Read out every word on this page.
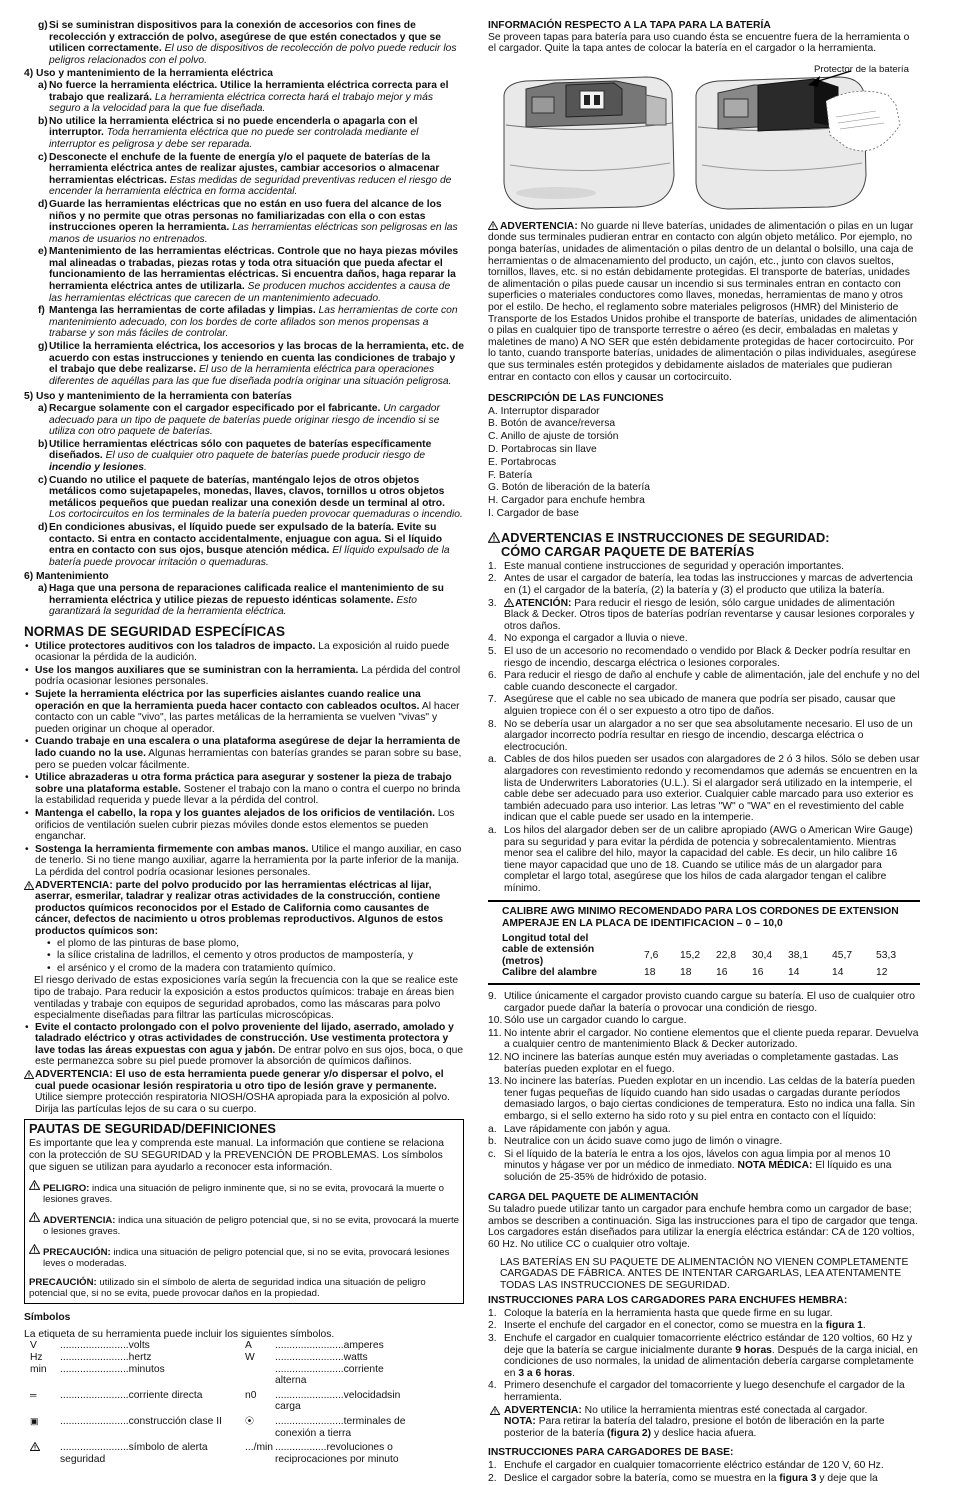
g) Si se suministran dispositivos para la conexión de accesorios con fines de recolección y extracción de polvo, asegúrese de que estén conectados y que se utilicen correctamente. El uso de dispositivos de recolección de polvo puede reducir los peligros relacionados con el polvo.

4) Uso y mantenimiento de la herramienta eléctrica

a) No fuerce la herramienta eléctrica. Utilice la herramienta eléctrica correcta para el trabajo que realizará. La herramienta eléctrica correcta hará el trabajo mejor y más seguro a la velocidad para la que fue diseñada.
b) No utilice la herramienta eléctrica si no puede encenderla o apagarla con el interruptor. Toda herramienta eléctrica que no puede ser controlada mediante el interruptor es peligrosa y debe ser reparada.
c) Desconecte el enchufe de la fuente de energía y/o el paquete de baterías de la herramienta eléctrica antes de realizar ajustes, cambiar accesorios o almacenar herramientas eléctricas. Estas medidas de seguridad preventivas reducen el riesgo de encender la herramienta eléctrica en forma accidental.
d) Guarde las herramientas eléctricas que no están en uso fuera del alcance de los niños y no permite que otras personas no familiarizadas con ella o con estas instrucciones operen la herramienta. Las herramientas eléctricas son peligrosas en las manos de usuarios no entrenados.
e) Mantenimiento de las herramientas eléctricas. Controle que no haya piezas móviles mal alineadas o trabadas, piezas rotas y toda otra situación que pueda afectar el funcionamiento de las herramientas eléctricas. Si encuentra daños, haga reparar la herramienta eléctrica antes de utilizarla. Se producen muchos accidentes a causa de las herramientas eléctricas que carecen de un mantenimiento adecuado.
f) Mantenga las herramientas de corte afiladas y limpias. Las herramientas de corte con mantenimiento adecuado, con los bordes de corte afilados son menos propensas a trabarse y son más fáciles de controlar.
g) Utilice la herramienta eléctrica, los accesorios y las brocas de la herramienta, etc. de acuerdo con estas instrucciones y teniendo en cuenta las condiciones de trabajo y el trabajo que debe realizarse. El uso de la herramienta eléctrica para operaciones diferentes de aquéllas para las que fue diseñada podría originar una situación peligrosa.

5) Uso y mantenimiento de la herramienta con baterías

a) Recargue solamente con el cargador especificado por el fabricante. Un cargador adecuado para un tipo de paquete de baterías puede originar riesgo de incendio si se utiliza con otro paquete de baterías.
b) Utilice herramientas eléctricas sólo con paquetes de baterías específicamente diseñados. El uso de cualquier otro paquete de baterías puede producir riesgo de incendio y lesiones.
c) Cuando no utilice el paquete de baterías, manténgalo lejos de otros objetos metálicos como sujetapapeles, monedas, llaves, clavos, tornillos u otros objetos metálicos pequeños que puedan realizar una conexión desde un terminal al otro. Los cortocircuitos en los terminales de la batería pueden provocar quemaduras o incendio.
d) En condiciones abusivas, el líquido puede ser expulsado de la batería. Evite su contacto. Si entra en contacto accidentalmente, enjuague con agua. Si el líquido entra en contacto con sus ojos, busque atención médica. El líquido expulsado de la batería puede provocar irritación o quemaduras.

6) Mantenimiento

a) Haga que una persona de reparaciones calificada realice el mantenimiento de su herramienta eléctrica y utilice piezas de repuesto idénticas solamente. Esto garantizará la seguridad de la herramienta eléctrica.
NORMAS DE SEGURIDAD ESPECÍFICAS
• Utilice protectores auditivos con los taladros de impacto. La exposición al ruido puede ocasionar la pérdida de la audición.
• Use los mangos auxiliares que se suministran con la herramienta. La pérdida del control podría ocasionar lesiones personales.
• Sujete la herramienta eléctrica por las superficies aislantes cuando realice una operación en que la herramienta pueda hacer contacto con cableados ocultos. Al hacer contacto con un cable "vivo", las partes metálicas de la herramienta se vuelven "vivas" y pueden originar un choque al operador.
• Cuando trabaje en una escalera o una plataforma asegúrese de dejar la herramienta de lado cuando no la use. Algunas herramientas con baterías grandes se paran sobre su base, pero se pueden volcar fácilmente.
• Utilice abrazaderas u otra forma práctica para asegurar y sostener la pieza de trabajo sobre una plataforma estable. Sostener el trabajo con la mano o contra el cuerpo no brinda la estabilidad requerida y puede llevar a la pérdida del control.
• Mantenga el cabello, la ropa y los guantes alejados de los orificios de ventilación. Los orificios de ventilación suelen cubrir piezas móviles donde estos elementos se pueden enganchar.
• Sostenga la herramienta firmemente con ambas manos. Utilice el mango auxiliar, en caso de tenerlo. Si no tiene mango auxiliar, agarre la herramienta por la parte inferior de la manija. La pérdida del control podría ocasionar lesiones personales.
ADVERTENCIA: parte del polvo producido por las herramientas eléctricas al lijar, aserrar, esmerilar, taladrar y realizar otras actividades de la construcción, contiene productos químicos reconocidos por el Estado de California como causantes de cáncer, defectos de nacimiento u otros problemas reproductivos. Algunos de estos productos químicos son:
• el plomo de las pinturas de base plomo,
• la sílice cristalina de ladrillos, el cemento y otros productos de mampostería, y
• el arsénico y el cromo de la madera con tratamiento químico.

El riesgo derivado de estas exposiciones varía según la frecuencia con la que se realice este tipo de trabajo. Para reducir la exposición a estos productos químicos: trabaje en áreas bien ventiladas y trabaje con equipos de seguridad aprobados, como las máscaras para polvo especialmente diseñadas para filtrar las partículas microscópicas.

• Evite el contacto prolongado con el polvo proveniente del lijado, aserrado, amolado y taladrado eléctrico y otras actividades de construcción. Use vestimenta protectora y lave todas las áreas expuestas con agua y jabón. De entrar polvo en sus ojos, boca, o que este permanezca sobre su piel puede promover la absorción de químicos dañinos.
ADVERTENCIA: El uso de esta herramienta puede generar y/o dispersar el polvo, el cual puede ocasionar lesión respiratoria u otro tipo de lesión grave y permanente. Utilice siempre protección respiratoria NIOSH/OSHA apropiada para la exposición al polvo. Dirija las partículas lejos de su cara o su cuerpo.
PAUTAS DE SEGURIDAD/DEFINICIONES

Es importante que lea y comprenda este manual. La información que contiene se relaciona con la protección de SU SEGURIDAD y la PREVENCIÓN DE PROBLEMAS. Los símbolos que siguen se utilizan para ayudarlo a reconocer esta información.

PELIGRO: indica una situación de peligro inminente que, si no se evita, provocará la muerte o lesiones graves.
ADVERTENCIA: indica una situación de peligro potencial que, si no se evita, provocará la muerte o lesiones graves.
PRECAUCIÓN: indica una situación de peligro potencial que, si no se evita, provocará lesiones leves o moderadas.

PRECAUCIÓN: utilizado sin el símbolo de alerta de seguridad indica una situación de peligro potencial que, si no se evita, puede provocar daños en la propiedad.

Símbolos

La etiqueta de su herramienta puede incluir los siguientes símbolos.

V	........................volts	A	........................amperes
Hz	........................hertz	W	........................watts
min	........................minutos		........................corriente alterna
═	........................corriente directa	n0	........................velocidadsin carga
▣	........................construcción clase II	⦿	........................terminales de conexión a tierra
	........................símbolo de alerta seguridad	.../min	..................revoluciones o reciprocaciones por minuto

INFORMACIÓN RESPECTO A LA TAPA PARA LA BATERÍA

Se proveen tapas para batería para uso cuando ésta se encuentre fuera de la herramienta o el cargador. Quite la tapa antes de colocar la batería en el cargador o la herramienta.

Protector de la batería
ADVERTENCIA: No guarde ni lleve baterías, unidades de alimentación o pilas en un lugar donde sus terminales pudieran entrar en contacto con algún objeto metálico. Por ejemplo, no ponga baterías, unidades de alimentación o pilas dentro de un delantal o bolsillo, una caja de herramientas o de almacenamiento del producto, un cajón, etc., junto con clavos sueltos, tornillos, llaves, etc. si no están debidamente protegidas. El transporte de baterías, unidades de alimentación o pilas puede causar un incendio si sus terminales entran en contacto con superficies o materiales conductores como llaves, monedas, herramientas de mano y otros por el estilo. De hecho, el reglamento sobre materiales peligrosos (HMR) del Ministerio de Transporte de los Estados Unidos prohibe el transporte de baterías, unidades de alimentación o pilas en cualquier tipo de transporte terrestre o aéreo (es decir, embaladas en maletas y maletines de mano) A NO SER que estén debidamente protegidas de hacer cortocircuito. Por lo tanto, cuando transporte baterías, unidades de alimentación o pilas individuales, asegúrese que sus terminales estén protegidos y debidamente aislados de materiales que pudieran entrar en contacto con ellos y causar un cortocircuito.

DESCRIPCIÓN DE LAS FUNCIONES

A. Interruptor disparador
B. Botón de avance/reversa
C. Anillo de ajuste de torsión
D. Portabrocas sin llave
E. Portabrocas
F. Batería
G. Botón de liberación de la batería
H. Cargador para enchufe hembra
I. Cargador de base
ADVERTENCIAS E INSTRUCCIONES DE SEGURIDAD:
CÓMO CARGAR PAQUETE DE BATERÍAS
1. Este manual contiene instrucciones de seguridad y operación importantes.
2. Antes de usar el cargador de batería, lea todas las instrucciones y marcas de advertencia en (1) el cargador de la batería, (2) la batería y (3) el producto que utiliza la batería.
3. ATENCIÓN: Para reducir el riesgo de lesión, sólo cargue unidades de alimentación Black & Decker. Otros tipos de baterías podrían reventarse y causar lesiones corporales y otros daños.
4. No exponga el cargador a lluvia o nieve.
5. El uso de un accesorio no recomendado o vendido por Black & Decker podría resultar en riesgo de incendio, descarga eléctrica o lesiones corporales.
6. Para reducir el riesgo de daño al enchufe y cable de alimentación, jale del enchufe y no del cable cuando desconecte el cargador.
7. Asegúrese que el cable no sea ubicado de manera que podría ser pisado, causar que alguien tropiece con él o ser expuesto a otro tipo de daños.
8. No se debería usar un alargador a no ser que sea absolutamente necesario. El uso de un alargador incorrecto podría resultar en riesgo de incendio, descarga eléctrica o electrocución.
a. Cables de dos hilos pueden ser usados con alargadores de 2 ó 3 hilos. Sólo se deben usar alargadores con revestimiento redondo y recomendamos que además se encuentren en la lista de Underwriters Laboratories (U.L.). Si el alargador será utilizado en la intemperie, el cable debe ser adecuado para uso exterior. Cualquier cable marcado para uso exterior es también adecuado para uso interior. Las letras "W" o "WA" en el revestimiento del cable indican que el cable puede ser usado en la intemperie.
a. Los hilos del alargador deben ser de un calibre apropiado (AWG o American Wire Gauge) para su seguridad y para evitar la pérdida de potencia y sobrecalentamiento. Mientras menor sea el calibre del hilo, mayor la capacidad del cable. Es decir, un hilo calibre 16 tiene mayor capacidad que uno de 18. Cuando se utilice más de un alargador para completar el largo total, asegúrese que los hilos de cada alargador tengan el calibre mínimo.

CALIBRE AWG MINIMO RECOMENDADO PARA LOS CORDONES DE EXTENSION

AMPERAJE EN LA PLACA DE IDENTIFICACION – 0 – 10,0

Longitud total del							
cable de extensión (metros)	7,6	15,2	22,8	30,4	38,1	45,7	53,3
Calibre del alambre	18	18	16	16	14	14	12
9. Utilice únicamente el cargador provisto cuando cargue su batería. El uso de cualquier otro cargador puede dañar la batería o provocar una condición de riesgo.
10. Sólo use un cargador cuando lo cargue.
11. No intente abrir el cargador. No contiene elementos que el cliente pueda reparar. Devuelva a cualquier centro de mantenimiento Black & Decker autorizado.
12. NO incinere las baterías aunque estén muy averiadas o completamente gastadas. Las baterías pueden explotar en el fuego.
13. No incinere las baterías. Pueden explotar en un incendio. Las celdas de la batería pueden tener fugas pequeñas de líquido cuando han sido usadas o cargadas durante períodos demasiado largos, o bajo ciertas condiciones de temperatura. Esto no indica una falla. Sin embargo, si el sello externo ha sido roto y su piel entra en contacto con el líquido:
a. Lave rápidamente con jabón y agua.
b. Neutralice con un ácido suave como jugo de limón o vinagre.
c. Si el líquido de la batería le entra a los ojos, lávelos con agua limpia por al menos 10 minutos y hágase ver por un médico de inmediato. NOTA MÉDICA: El líquido es una solución de 25-35% de hidróxido de potasio.

CARGA DEL PAQUETE DE ALIMENTACIÓN

Su taladro puede utilizar tanto un cargador para enchufe hembra como un cargador de base; ambos se describen a continuación. Siga las instrucciones para el tipo de cargador que tenga. Los cargadores están diseñados para utilizar la energía eléctrica estándar: CA de 120 voltios, 60 Hz. No utilice CC o cualquier otro voltaje.

LAS BATERÍAS EN SU PAQUETE DE ALIMENTACIÓN NO VIENEN COMPLETAMENTE CARGADAS DE FÁBRICA. ANTES DE INTENTAR CARGARLAS, LEA ATENTAMENTE TODAS LAS INSTRUCCIONES DE SEGURIDAD.

INSTRUCCIONES PARA LOS CARGADORES PARA ENCHUFES HEMBRA:

1. Coloque la batería en la herramienta hasta que quede firme en su lugar.
2. Inserte el enchufe del cargador en el conector, como se muestra en la figura 1.
3. Enchufe el cargador en cualquier tomacorriente eléctrico estándar de 120 voltios, 60 Hz y deje que la batería se cargue inicialmente durante 9 horas. Después de la carga inicial, en condiciones de uso normales, la unidad de alimentación debería cargarse completamente en 3 a 6 horas.
4. Primero desenchufe el cargador del tomacorriente y luego desenchufe el cargador de la herramienta.
ADVERTENCIA: No utilice la herramienta mientras esté conectada al cargador.
NOTA: Para retirar la batería del taladro, presione el botón de liberación en la parte posterior de la batería (figura 2) y deslice hacia afuera.

INSTRUCCIONES PARA CARGADORES DE BASE:

1. Enchufe el cargador en cualquier tomacorriente eléctrico estándar de 120 V, 60 Hz.
2. Deslice el cargador sobre la batería, como se muestra en la figura 3 y deje que la
